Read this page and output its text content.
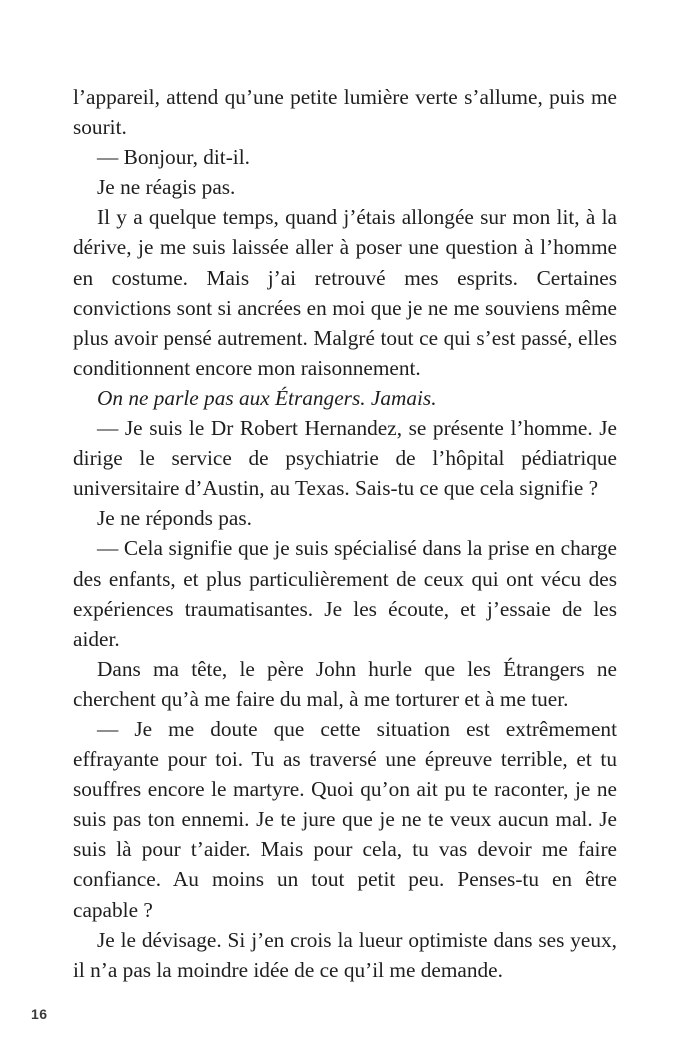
l’appareil, attend qu’une petite lumière verte s’allume, puis me sourit.

— Bonjour, dit-il.

Je ne réagis pas.

Il y a quelque temps, quand j’étais allongée sur mon lit, à la dérive, je me suis laissée aller à poser une question à l’homme en costume. Mais j’ai retrouvé mes esprits. Certaines convictions sont si ancrées en moi que je ne me souviens même plus avoir pensé autrement. Malgré tout ce qui s’est passé, elles conditionnent encore mon raisonnement.

On ne parle pas aux Étrangers. Jamais.

— Je suis le Dr Robert Hernandez, se présente l’homme. Je dirige le service de psychiatrie de l’hôpital pédiatrique universitaire d’Austin, au Texas. Sais-tu ce que cela signifie ?

Je ne réponds pas.

— Cela signifie que je suis spécialisé dans la prise en charge des enfants, et plus particulièrement de ceux qui ont vécu des expériences traumatisantes. Je les écoute, et j’essaie de les aider.

Dans ma tête, le père John hurle que les Étrangers ne cherchent qu’à me faire du mal, à me torturer et à me tuer.

— Je me doute que cette situation est extrêmement effrayante pour toi. Tu as traversé une épreuve terrible, et tu souffres encore le martyre. Quoi qu’on ait pu te raconter, je ne suis pas ton ennemi. Je te jure que je ne te veux aucun mal. Je suis là pour t’aider. Mais pour cela, tu vas devoir me faire confiance. Au moins un tout petit peu. Penses-tu en être capable ?

Je le dévisage. Si j’en crois la lueur optimiste dans ses yeux, il n’a pas la moindre idée de ce qu’il me demande.

16
